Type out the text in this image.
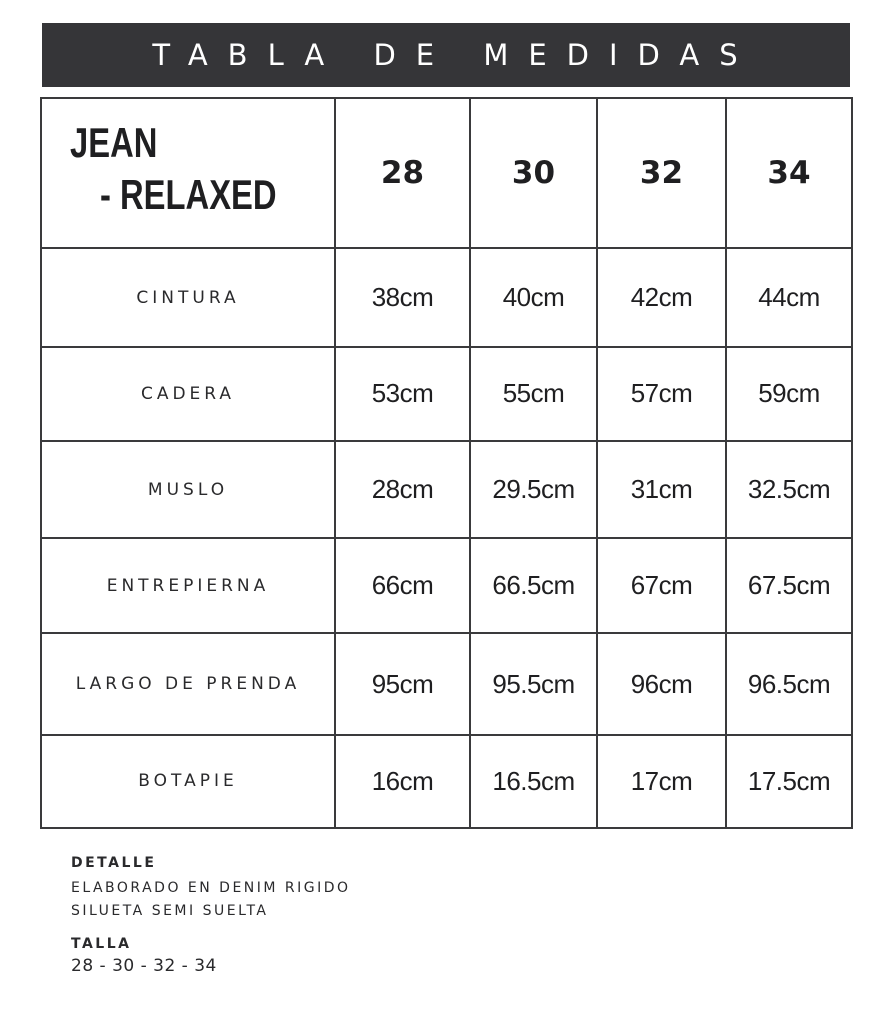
TABLA DE MEDIDAS
JEAN
- RELAXED	28	30	32	34
CINTURA	38cm	40cm	42cm	44cm
CADERA	53cm	55cm	57cm	59cm
MUSLO	28cm	29.5cm	31cm	32.5cm
ENTREPIERNA	66cm	66.5cm	67cm	67.5cm
LARGO DE PRENDA	95cm	95.5cm	96cm	96.5cm
BOTAPIE	16cm	16.5cm	17cm	17.5cm

DETALLE

ELABORADO EN DENIM RIGIDO

SILUETA SEMI SUELTA

TALLA

28 - 30 - 32 - 34
